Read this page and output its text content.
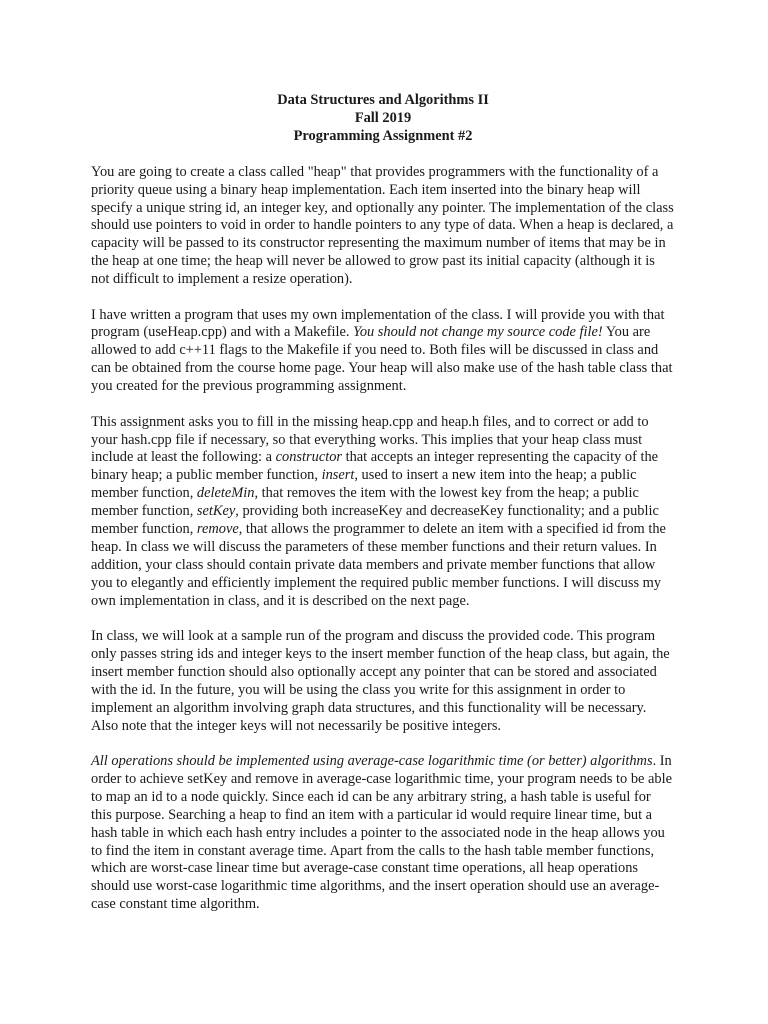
Data Structures and Algorithms II
Fall 2019
Programming Assignment #2

You are going to create a class called "heap" that provides programmers with the functionality of a priority queue using a binary heap implementation. Each item inserted into the binary heap will specify a unique string id, an integer key, and optionally any pointer. The implementation of the class should use pointers to void in order to handle pointers to any type of data. When a heap is declared, a capacity will be passed to its constructor representing the maximum number of items that may be in the heap at one time; the heap will never be allowed to grow past its initial capacity (although it is not difficult to implement a resize operation).

I have written a program that uses my own implementation of the class. I will provide you with that program (useHeap.cpp) and with a Makefile. You should not change my source code file! You are allowed to add c++11 flags to the Makefile if you need to. Both files will be discussed in class and can be obtained from the course home page. Your heap will also make use of the hash table class that you created for the previous programming assignment.

This assignment asks you to fill in the missing heap.cpp and heap.h files, and to correct or add to your hash.cpp file if necessary, so that everything works. This implies that your heap class must include at least the following: a constructor that accepts an integer representing the capacity of the binary heap; a public member function, insert, used to insert a new item into the heap; a public member function, deleteMin, that removes the item with the lowest key from the heap; a public member function, setKey, providing both increaseKey and decreaseKey functionality; and a public member function, remove, that allows the programmer to delete an item with a specified id from the heap. In class we will discuss the parameters of these member functions and their return values. In addition, your class should contain private data members and private member functions that allow you to elegantly and efficiently implement the required public member functions. I will discuss my own implementation in class, and it is described on the next page.

In class, we will look at a sample run of the program and discuss the provided code. This program only passes string ids and integer keys to the insert member function of the heap class, but again, the insert member function should also optionally accept any pointer that can be stored and associated with the id. In the future, you will be using the class you write for this assignment in order to implement an algorithm involving graph data structures, and this functionality will be necessary. Also note that the integer keys will not necessarily be positive integers.

All operations should be implemented using average-case logarithmic time (or better) algorithms. In order to achieve setKey and remove in average-case logarithmic time, your program needs to be able to map an id to a node quickly. Since each id can be any arbitrary string, a hash table is useful for this purpose. Searching a heap to find an item with a particular id would require linear time, but a hash table in which each hash entry includes a pointer to the associated node in the heap allows you to find the item in constant average time. Apart from the calls to the hash table member functions, which are worst-case linear time but average-case constant time operations, all heap operations should use worst-case logarithmic time algorithms, and the insert operation should use an average-case constant time algorithm.
